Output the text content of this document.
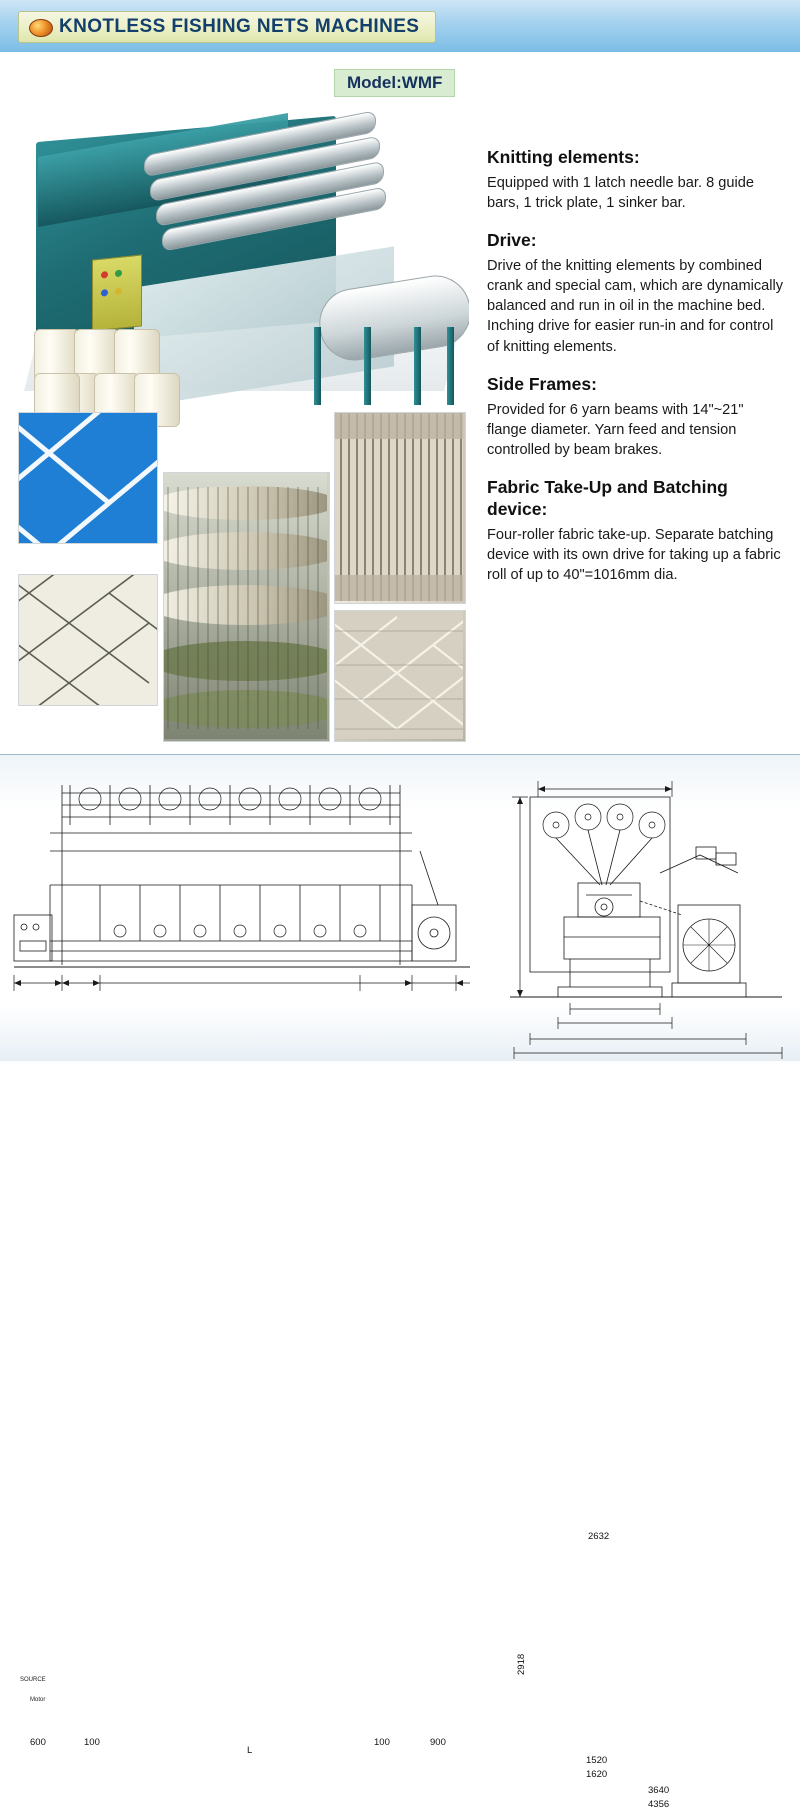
KNOTLESS FISHING NETS MACHINES
Model:WMF
Knitting elements:

Equipped with 1 latch needle bar. 8 guide bars, 1 trick plate, 1 sinker bar.

Drive:

Drive of the knitting elements by combined crank and special cam, which are dynamically balanced and run in oil in the machine bed. Inching drive for easier run-in and for control of knitting elements.

Side Frames:

Provided for 6 yarn beams with 14"~21" flange diameter. Yarn feed and tension controlled by beam brakes.

Fabric Take-Up and Batching device:

Four-roller fabric take-up. Separate batching device with its own drive for taking up a fabric roll of up to 40"=1016mm dia.

600	100
L
100	900
SOURCE
Motor
2632
2918
1520
1620
3640
4356
